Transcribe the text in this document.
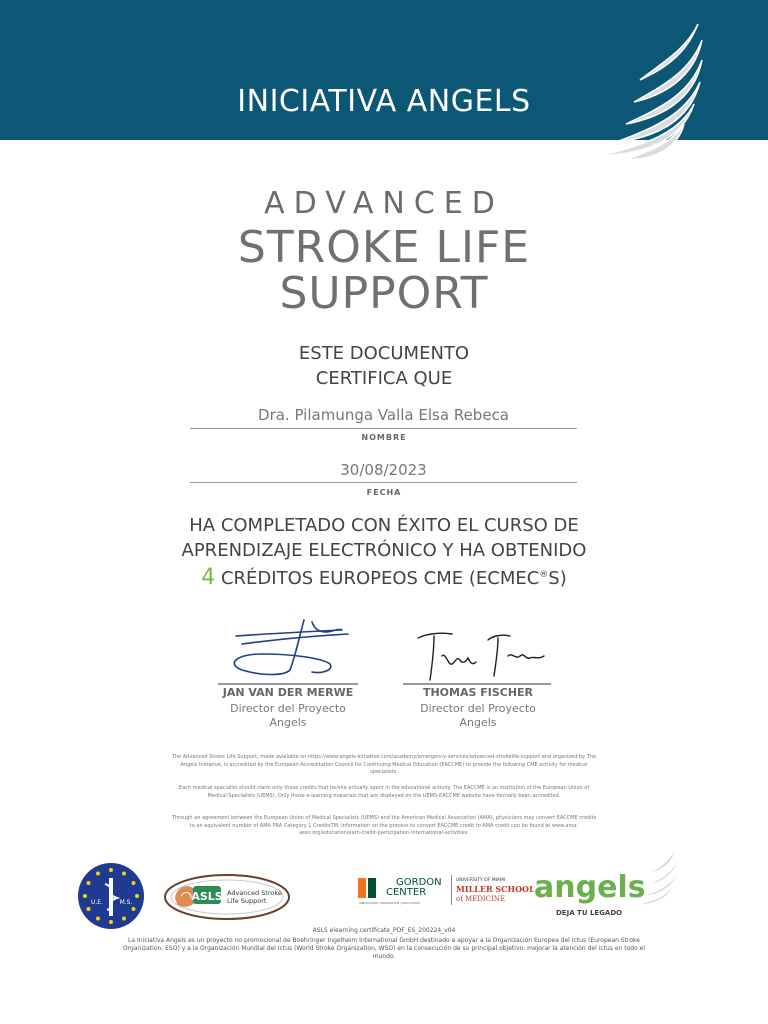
INICIATIVA ANGELS
ADVANCED
STROKE LIFE
SUPPORT
ESTE DOCUMENTO
CERTIFICA QUE
Dra. Pilamunga Valla Elsa Rebeca
NOMBRE
30/08/2023
FECHA
HA COMPLETADO CON ÉXITO EL CURSO DE
APRENDIZAJE ELECTRÓNICO Y HA OBTENIDO
4 CRÉDITOS EUROPEOS CME (ECMEC®S)
JAN VAN DER MERWE
Director del Proyecto
Angels
THOMAS FISCHER
Director del Proyecto
Angels
The Advanced Stroke Life Support, made available on https://www.angels-initiative.com/academy/emergency-services/advanced-strokelife-support and organized by The Angels Initiative, is accredited by the European Accreditation Council for Continuing Medical Education (EACCME) to provide the following CME activity for medical specialists.
Each medical specialist should claim only those credits that he/she actually spent in the educational activity. The EACCME is an institution of the European Union of Medical Specialists (UEMS). Only those e-learning materials that are displayed on the UEMS-EACCME website have formally been accredited.
Through an agreement between the European Union of Medical Specialists (UEMS) and the American Medical Association (AMA), physicians may convert EACCME credits to an equivalent number of AMA PRA Category 1 CreditsTM. Information on the process to convert EACCME credit to AMA credit can be found at www.ama-assn.org/education/earn-credit-participation-international-activities.
U.E.	M.S.	ASLS Advanced Stroke
Life Support
GORDON
CENTER
SIMULATION | INNOVATION | EDUCATION
UNIVERSITY OF MIAMI
MILLER SCHOOL
of MEDICINE angels
DEJA TU LEGADO
ASLS elearning certificate_PDF_ES_200224_v04
La Iniciativa Angels es un proyecto no promocional de Boehringer Ingelheim International GmbH destinado a apoyar a la Organización Europea del Ictus (European Stroke Organization, ESO) y a la Organización Mundial del Ictus (World Stroke Organization, WSO) en la consecución de su principal objetivo: mejorar la atención del ictus en todo el mundo.
